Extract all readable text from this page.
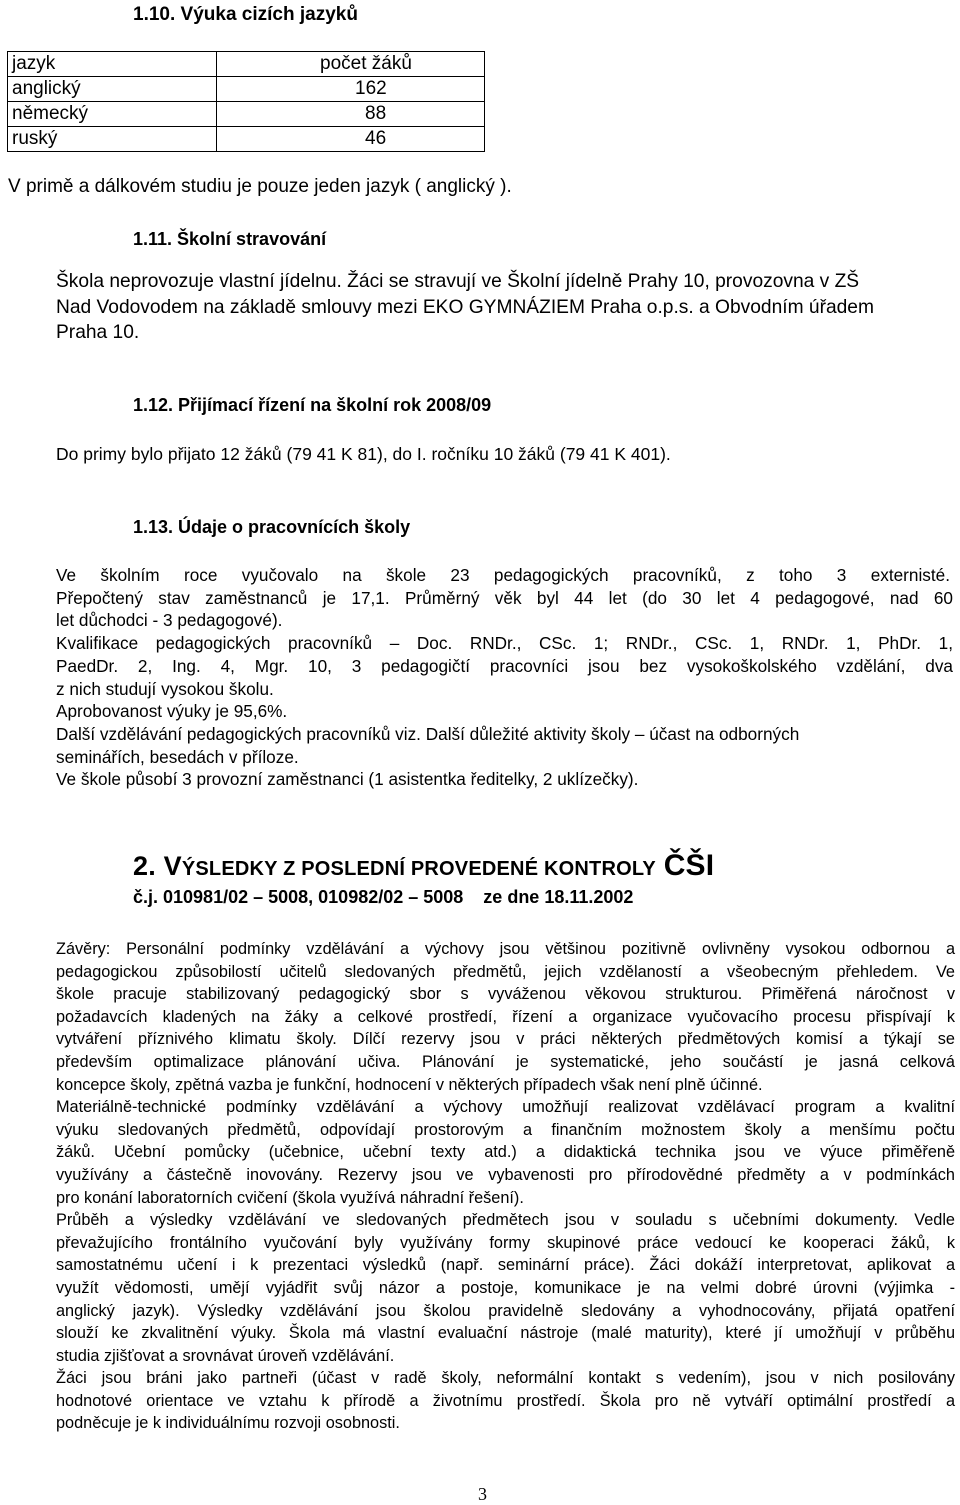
1.10. Výuka cizích jazyků
jazyk	počet žáků
anglický	162
německý	88
ruský	46
V primě a dálkovém studiu je pouze jeden jazyk ( anglický ).
1.11. Školní stravování
Škola neprovozuje vlastní jídelnu. Žáci se stravují ve Školní jídelně Prahy 10, provozovna v ZŠ
Nad Vodovodem na základě smlouvy mezi EKO GYMNÁZIEM Praha o.p.s. a Obvodním úřadem
Praha 10.
1.12. Přijímací řízení na školní rok 2008/09
Do primy bylo přijato 12 žáků (79 41 K 81), do I. ročníku 10 žáků (79 41 K 401).
1.13. Údaje o pracovnících školy
Ve školním roce vyučovalo na škole 23 pedagogických pracovníků, z toho 3 externisté.
Přepočtený stav zaměstnanců je 17,1. Průměrný věk byl 44 let (do 30 let 4 pedagogové, nad 60
let důchodci - 3 pedagogové).
Kvalifikace pedagogických pracovníků – Doc. RNDr., CSc. 1; RNDr., CSc. 1, RNDr. 1, PhDr. 1,
PaedDr. 2, Ing. 4, Mgr. 10, 3 pedagogičtí pracovníci jsou bez vysokoškolského vzdělání, dva
z nich studují vysokou školu.
Aprobovanost výuky je 95,6%.
Další vzdělávání pedagogických pracovníků viz. Další důležité aktivity školy – účast na odborných
seminářích, besedách v příloze.
Ve škole působí 3 provozní zaměstnanci (1 asistentka ředitelky, 2 uklízečky).
2. VÝSLEDKY Z POSLEDNÍ PROVEDENÉ KONTROLY ČŠI
č.j. 010981/02 – 5008, 010982/02 – 5008    ze dne 18.11.2002
Závěry: Personální podmínky vzdělávání a výchovy jsou většinou pozitivně ovlivněny vysokou odbornou a
pedagogickou způsobilostí učitelů sledovaných předmětů, jejich vzdělaností a všeobecným přehledem. Ve
škole pracuje stabilizovaný pedagogický sbor s vyváženou věkovou strukturou. Přiměřená náročnost v
požadavcích kladených na žáky a celkové prostředí, řízení a organizace vyučovacího procesu přispívají k
vytváření příznivého klimatu školy. Dílčí rezervy jsou v práci některých předmětových komisí a týkají se
především optimalizace plánování učiva. Plánování je systematické, jeho součástí je jasná celková
koncepce školy, zpětná vazba je funkční, hodnocení v některých případech však není plně účinné.
Materiálně-technické podmínky vzdělávání a výchovy umožňují realizovat vzdělávací program a kvalitní
výuku sledovaných předmětů, odpovídají prostorovým a finančním možnostem školy a menšímu počtu
žáků. Učební pomůcky (učebnice, učební texty atd.) a didaktická technika jsou ve výuce přiměřeně
využívány a částečně inovovány. Rezervy jsou ve vybavenosti pro přírodovědné předměty a v podmínkách
pro konání laboratorních cvičení (škola využívá náhradní řešení).
Průběh a výsledky vzdělávání ve sledovaných předmětech jsou v souladu s učebními dokumenty. Vedle
převažujícího frontálního vyučování byly využívány formy skupinové práce vedoucí ke kooperaci žáků, k
samostatnému učení i k prezentaci výsledků (např. seminární práce). Žáci dokáží interpretovat, aplikovat a
využít vědomosti, umějí vyjádřit svůj názor a postoje, komunikace je na velmi dobré úrovni (výjimka -
anglický jazyk). Výsledky vzdělávání jsou školou pravidelně sledovány a vyhodnocovány, přijatá opatření
slouží ke zkvalitnění výuky. Škola má vlastní evaluační nástroje (malé maturity), které jí umožňují v průběhu
studia zjišťovat a srovnávat úroveň vzdělávání.
Žáci jsou bráni jako partneři (účast v radě školy, neformální kontakt s vedením), jsou v nich posilovány
hodnotové orientace ve vztahu k přírodě a životnímu prostředí. Škola pro ně vytváří optimální prostředí a
podněcuje je k individuálnímu rozvoji osobnosti.
3
